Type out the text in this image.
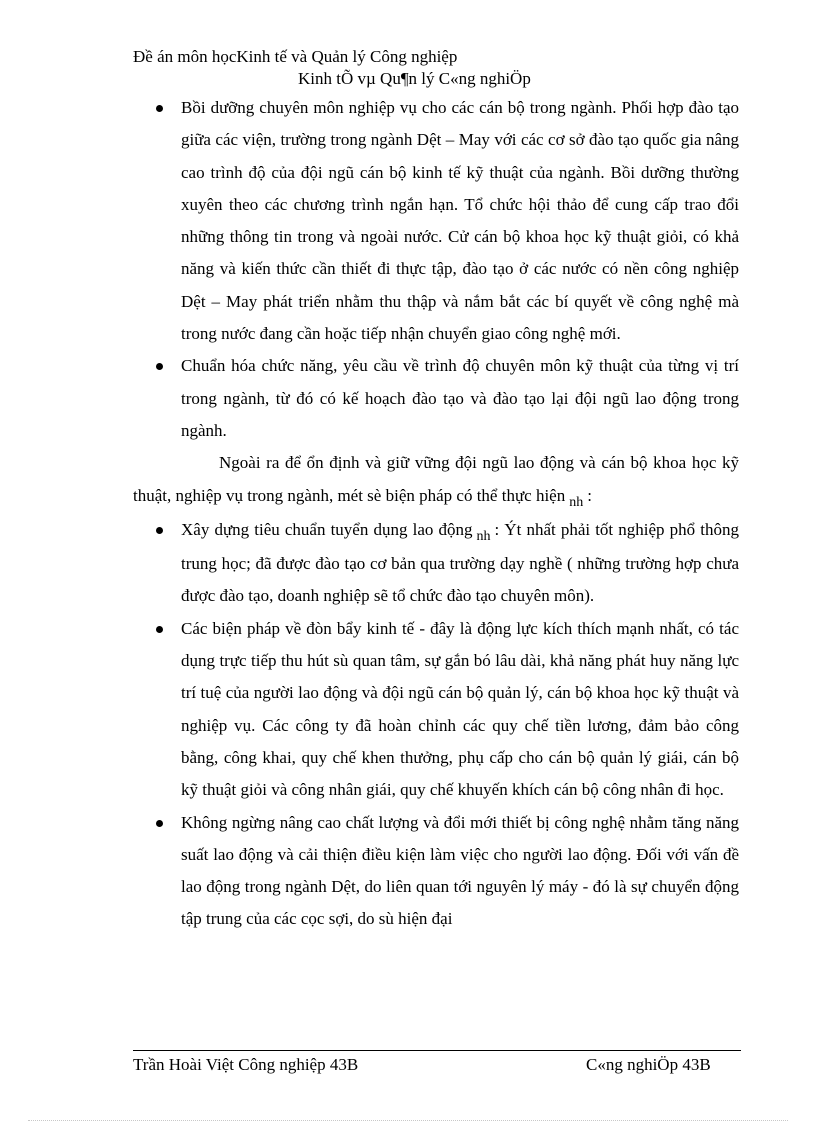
Đề án môn họcKinh tế và Quản lý Công nghiệp
Kinh tÕ vµ Qu¶n lý C«ng nghiÖp
Bồi dưỡng chuyên môn nghiệp vụ cho các cán bộ trong ngành. Phối hợp đào tạo giữa các viện, trường trong ngành Dệt – May với các cơ sở đào tạo quốc gia nâng cao trình độ của đội ngũ cán bộ kinh tế kỹ thuật của ngành. Bồi dưỡng thường xuyên theo các chương trình ngắn hạn. Tổ chức hội thảo để cung cấp trao đổi những thông tin trong và ngoài nước. Cử cán bộ khoa học kỹ thuật giỏi, có khả năng và kiến thức cần thiết đi thực tập, đào tạo ở các nước có nền công nghiệp Dệt – May phát triển nhằm thu thập và nắm bắt các bí quyết về công nghệ mà trong nước đang cần hoặc tiếp nhận chuyển giao công nghệ mới.
Chuẩn hóa chức năng, yêu cầu về trình độ chuyên môn kỹ thuật của từng vị trí trong ngành, từ đó có kế hoạch đào tạo và đào tạo lại đội ngũ lao động trong ngành.
Ngoài ra để ổn định và giữ vững đội ngũ lao động và cán bộ khoa học kỹ thuật, nghiệp vụ trong ngành, mét sè biện pháp có thể thực hiện $_{nh}$ :
Xây dựng tiêu chuẩn tuyển dụng lao động $_{nh}$ : Ýt nhất phải tốt nghiệp phổ thông trung học; đã được đào tạo cơ bản qua trường dạy nghề ( những trường hợp chưa được đào tạo, doanh nghiệp sẽ tổ chức đào tạo chuyên môn).
Các biện pháp về đòn bẩy kinh tế - đây là động lực kích thích mạnh nhất, có tác dụng trực tiếp thu hút sù quan tâm, sự gắn bó lâu dài, khả năng phát huy năng lực trí tuệ của người lao động và đội ngũ cán bộ quản lý, cán bộ khoa học kỹ thuật và nghiệp vụ. Các công ty đã hoàn chỉnh các quy chế tiền lương, đảm bảo công bằng, công khai, quy chế khen thưởng, phụ cấp cho cán bộ quản lý giái, cán bộ kỹ thuật giỏi và công nhân giái, quy chế khuyến khích cán bộ công nhân đi học.
Không ngừng nâng cao chất lượng và đổi mới thiết bị công nghệ nhằm tăng năng suất lao động và cải thiện điều kiện làm việc cho người lao động. Đối với vấn đề lao động trong ngành Dệt, do liên quan tới nguyên lý máy - đó là sự chuyển động tập trung của các cọc sợi, do sù hiện đại
Trần Hoài Việt Công nghiệp 43B	C«ng nghiÖp 43B
